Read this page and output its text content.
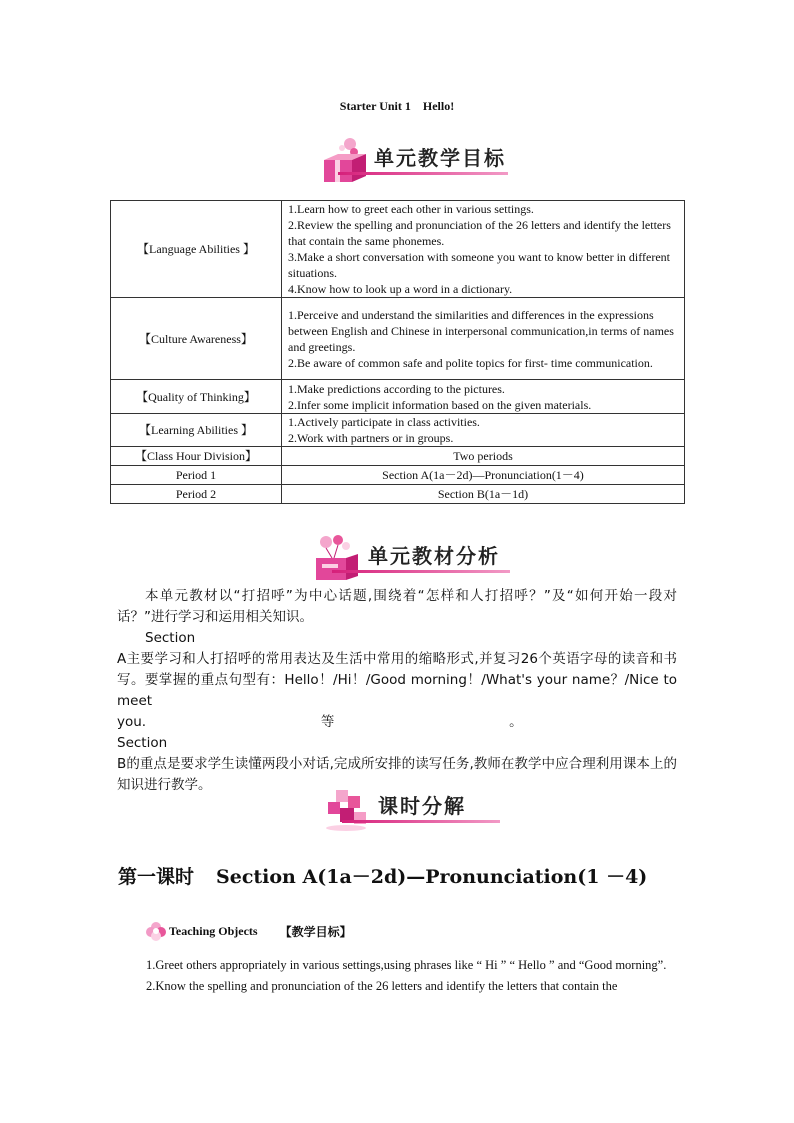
Starter Unit 1    Hello!
单元教学目标
【Language Abilities 】	1.Learn how to greet each other in various settings.

2.Review the spelling and pronunciation of the 26 letters and identify the letters that contain the same phonemes.

3.Make a short conversation with someone you want to know better in different situations.

4.Know how to look up a word in a dictionary.

【Culture Awareness】	1.Perceive and understand the similarities and differences in the expressions between English and Chinese in interpersonal communication,in terms of names and greetings.

2.Be aware of common safe and polite topics for first- time communication.

【Quality of Thinking】	1.Make predictions according to the pictures.

2.Infer some implicit information based on the given materials.

【Learning Abilities 】	1.Actively participate in class activities.

2.Work with partners or in groups.

【Class Hour Division】	Two periods
Period 1	Section A(1a－2d)—Pronunciation(1－4)
Period 2	Section B(1a－1d)
单元教材分析

本单元教材以“打招呼”为中心话题,围绕着“怎样和人打招呼？”及“如何开始一段对话？”进行学习和运用相关知识。

Section

A主要学习和人打招呼的常用表达及生活中常用的缩略形式,并复习26个英语字母的读音和书写。要掌握的重点句型有：Hello！/Hi！/Good morning！/What's your name？/Nice to meet

you.	等	。  Section

B的重点是要求学生读懂两段小对话,完成所安排的读写任务,教师在教学中应合理利用课本上的知识进行教学。

课时分解
第一课时 Section A(1a－2d)—Pronunciation(1 －4)
Teaching Objects 【教学目标】

1.Greet others appropriately in various settings,using phrases like “ Hi ” “ Hello ” and “Good morning”.

2.Know the spelling and pronunciation of the 26 letters and identify the letters that contain the
